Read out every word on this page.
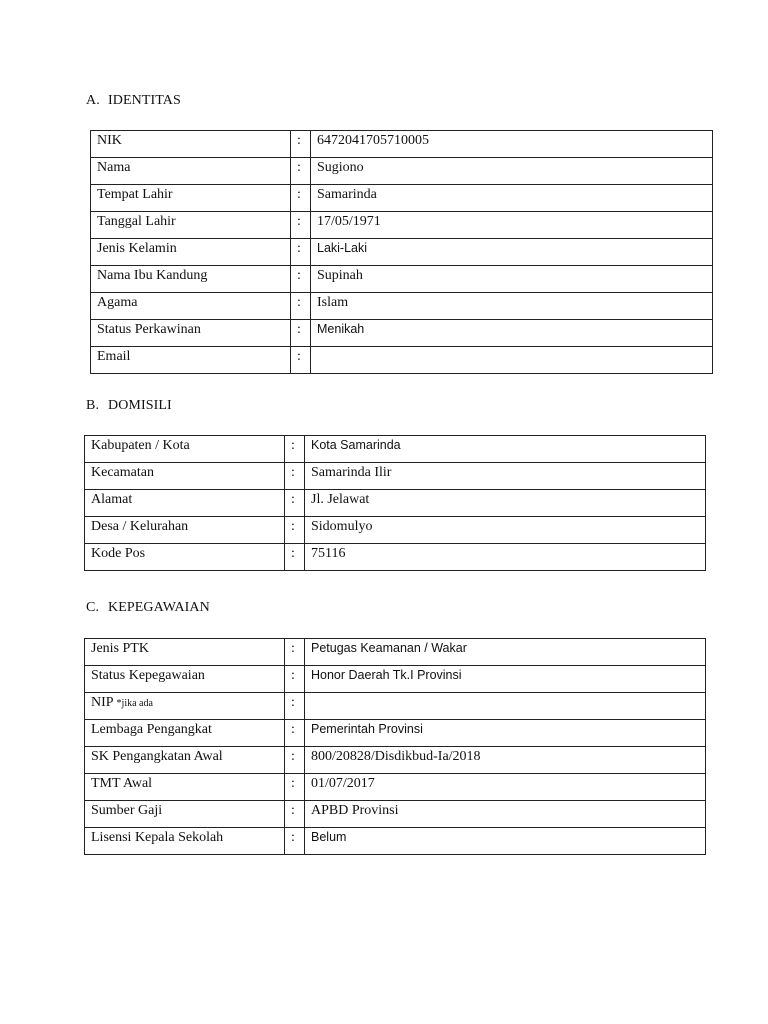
A. IDENTITAS
NIK	:	6472041705710005
Nama	:	Sugiono
Tempat Lahir	:	Samarinda
Tanggal Lahir	:	17/05/1971
Jenis Kelamin	:	Laki-Laki
Nama Ibu Kandung	:	Supinah
Agama	:	Islam
Status Perkawinan	:	Menikah
Email	:	
B. DOMISILI
Kabupaten / Kota	:	Kota Samarinda
Kecamatan	:	Samarinda Ilir
Alamat	:	Jl. Jelawat
Desa / Kelurahan	:	Sidomulyo
Kode Pos	:	75116
C. KEPEGAWAIAN
Jenis PTK	:	Petugas Keamanan / Wakar
Status Kepegawaian	:	Honor Daerah Tk.I Provinsi
NIP *jika ada	:	
Lembaga Pengangkat	:	Pemerintah Provinsi
SK Pengangkatan Awal	:	800/20828/Disdikbud-Ia/2018
TMT Awal	:	01/07/2017
Sumber Gaji	:	APBD Provinsi
Lisensi Kepala Sekolah	:	Belum
